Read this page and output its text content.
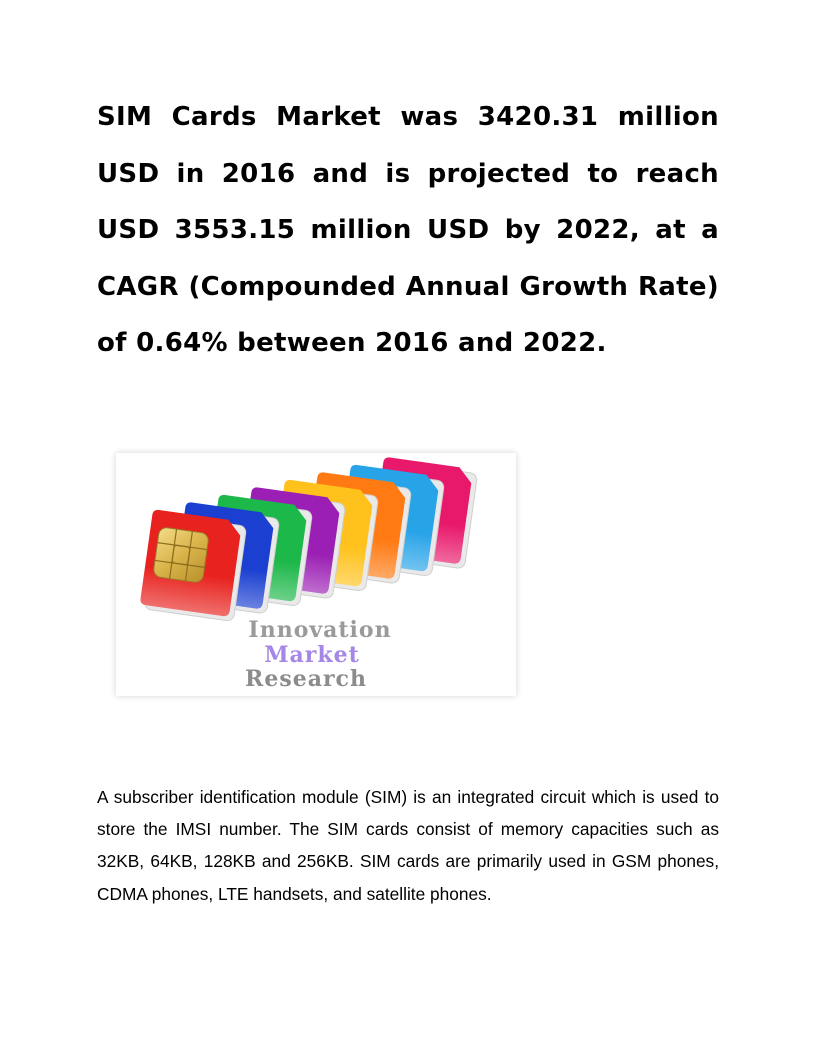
SIM Cards Market was 3420.31 million USD in 2016 and is projected to reach USD 3553.15 million USD by 2022, at a CAGR (Compounded Annual Growth Rate) of 0.64% between 2016 and 2022.

Innovation
Market
Research

A subscriber identification module (SIM) is an integrated circuit which is used to store the IMSI number. The SIM cards consist of memory capacities such as 32KB, 64KB, 128KB and 256KB. SIM cards are primarily used in GSM phones, CDMA phones, LTE handsets, and satellite phones.
